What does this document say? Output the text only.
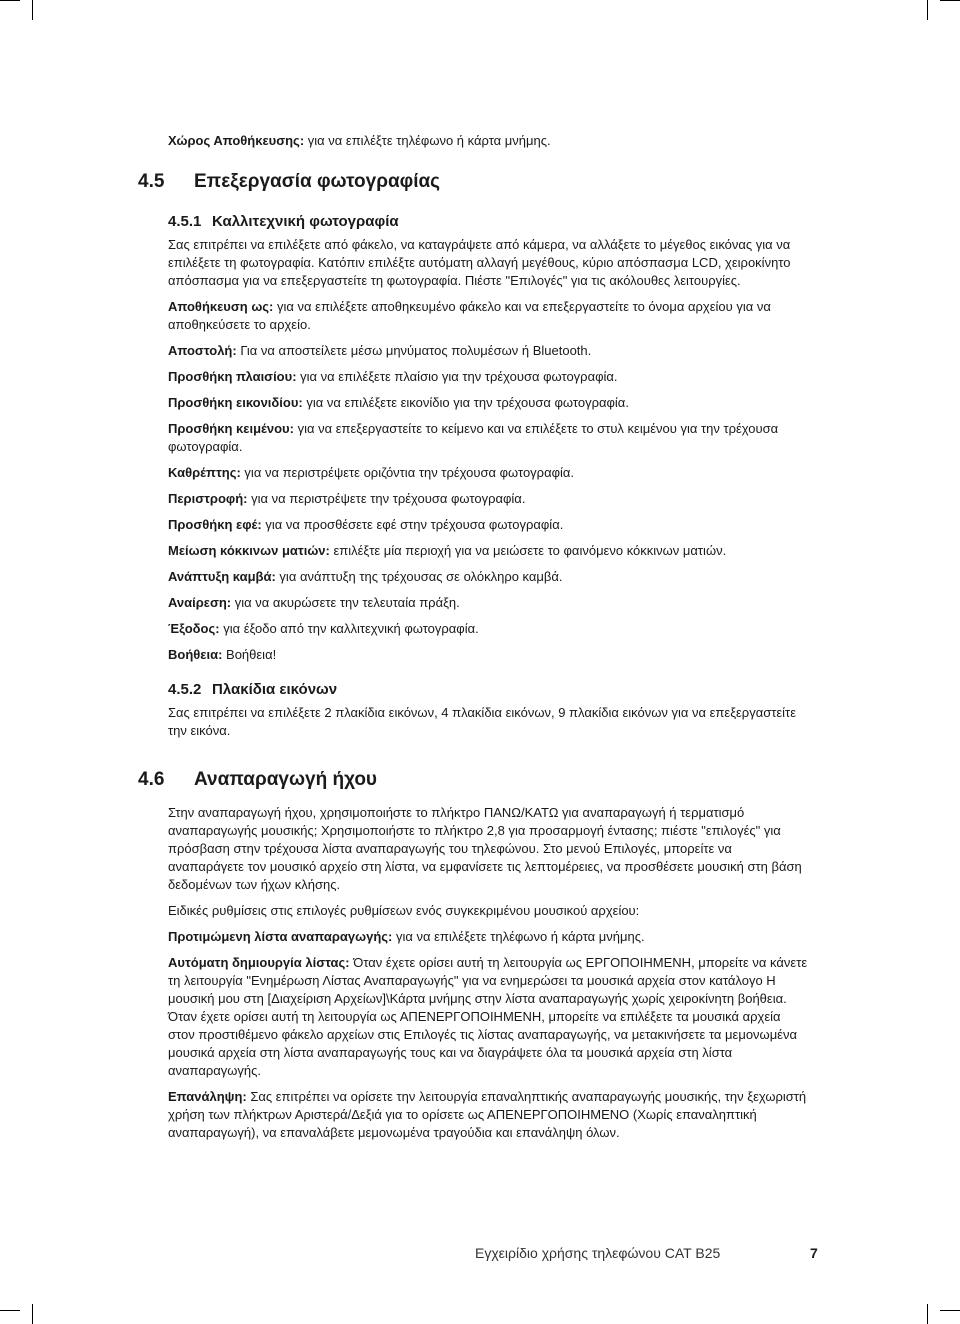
Χώρος Αποθήκευσης: για να επιλέξτε τηλέφωνο ή κάρτα μνήμης.

4.5 Επεξεργασία φωτογραφίας
4.5.1 Καλλιτεχνική φωτογραφία

Σας επιτρέπει να επιλέξετε από φάκελο, να καταγράψετε από κάμερα, να αλλάξετε το μέγεθος εικόνας για να επιλέξετε τη φωτογραφία. Κατόπιν επιλέξτε αυτόματη αλλαγή μεγέθους, κύριο απόσπασμα LCD, χειροκίνητο απόσπασμα για να επεξεργαστείτε τη φωτογραφία. Πιέστε "Επιλογές" για τις ακόλουθες λειτουργίες.

Αποθήκευση ως: για να επιλέξετε αποθηκευμένο φάκελο και να επεξεργαστείτε το όνομα αρχείου για να αποθηκεύσετε το αρχείο.

Αποστολή: Για να αποστείλετε μέσω μηνύματος πολυμέσων ή Bluetooth.

Προσθήκη πλαισίου: για να επιλέξετε πλαίσιο για την τρέχουσα φωτογραφία.

Προσθήκη εικονιδίου: για να επιλέξετε εικονίδιο για την τρέχουσα φωτογραφία.

Προσθήκη κειμένου: για να επεξεργαστείτε το κείμενο και να επιλέξετε το στυλ κειμένου για την τρέχουσα φωτογραφία.

Καθρέπτης: για να περιστρέψετε οριζόντια την τρέχουσα φωτογραφία.

Περιστροφή: για να περιστρέψετε την τρέχουσα φωτογραφία.

Προσθήκη εφέ: για να προσθέσετε εφέ στην τρέχουσα φωτογραφία.

Μείωση κόκκινων ματιών: επιλέξτε μία περιοχή για να μειώσετε το φαινόμενο κόκκινων ματιών.

Ανάπτυξη καμβά: για ανάπτυξη της τρέχουσας σε ολόκληρο καμβά.

Αναίρεση: για να ακυρώσετε την τελευταία πράξη.

Έξοδος: για έξοδο από την καλλιτεχνική φωτογραφία.

Βοήθεια: Βοήθεια!

4.5.2 Πλακίδια εικόνων

Σας επιτρέπει να επιλέξετε 2 πλακίδια εικόνων, 4 πλακίδια εικόνων, 9 πλακίδια εικόνων για να επεξεργαστείτε την εικόνα.

4.6 Αναπαραγωγή ήχου

Στην αναπαραγωγή ήχου, χρησιμοποιήστε το πλήκτρο ΠΑΝΩ/ΚΑΤΩ για αναπαραγωγή ή τερματισμό αναπαραγωγής μουσικής; Χρησιμοποιήστε το πλήκτρο 2,8 για προσαρμογή έντασης; πιέστε "επιλογές" για πρόσβαση στην τρέχουσα λίστα αναπαραγωγής του τηλεφώνου. Στο μενού Επιλογές, μπορείτε να αναπαράγετε τον μουσικό αρχείο στη λίστα, να εμφανίσετε τις λεπτομέρειες, να προσθέσετε μουσική στη βάση δεδομένων των ήχων κλήσης.

Ειδικές ρυθμίσεις στις επιλογές ρυθμίσεων ενός συγκεκριμένου μουσικού αρχείου:

Προτιμώμενη λίστα αναπαραγωγής: για να επιλέξετε τηλέφωνο ή κάρτα μνήμης.

Αυτόματη δημιουργία λίστας: Όταν έχετε ορίσει αυτή τη λειτουργία ως ΕΡΓΟΠΟΙΗΜΕΝΗ, μπορείτε να κάνετε τη λειτουργία "Ενημέρωση Λίστας Αναπαραγωγής" για να ενημερώσει τα μουσικά αρχεία στον κατάλογο Η μουσική μου στη [Διαχείριση Αρχείων]\Κάρτα μνήμης στην λίστα αναπαραγωγής χωρίς χειροκίνητη βοήθεια. Όταν έχετε ορίσει αυτή τη λειτουργία ως ΑΠΕΝΕΡΓΟΠΟΙΗΜΕΝΗ, μπορείτε να επιλέξετε τα μουσικά αρχεία στον προστιθέμενο φάκελο αρχείων στις Επιλογές τις λίστας αναπαραγωγής, να μετακινήσετε τα μεμονωμένα μουσικά αρχεία στη λίστα αναπαραγωγής τους και να διαγράψετε όλα τα μουσικά αρχεία στη λίστα αναπαραγωγής.

Επανάληψη: Σας επιτρέπει να ορίσετε την λειτουργία επαναληπτικής αναπαραγωγής μουσικής, την ξεχωριστή χρήση των πλήκτρων Αριστερά/Δεξιά για το ορίσετε ως ΑΠΕΝΕΡΓΟΠΟΙΗΜΕΝΟ (Χωρίς επαναληπτική αναπαραγωγή), να επαναλάβετε μεμονωμένα τραγούδια και επανάληψη όλων.

Εγχειρίδιο χρήσης τηλεφώνου CAT B25	7
